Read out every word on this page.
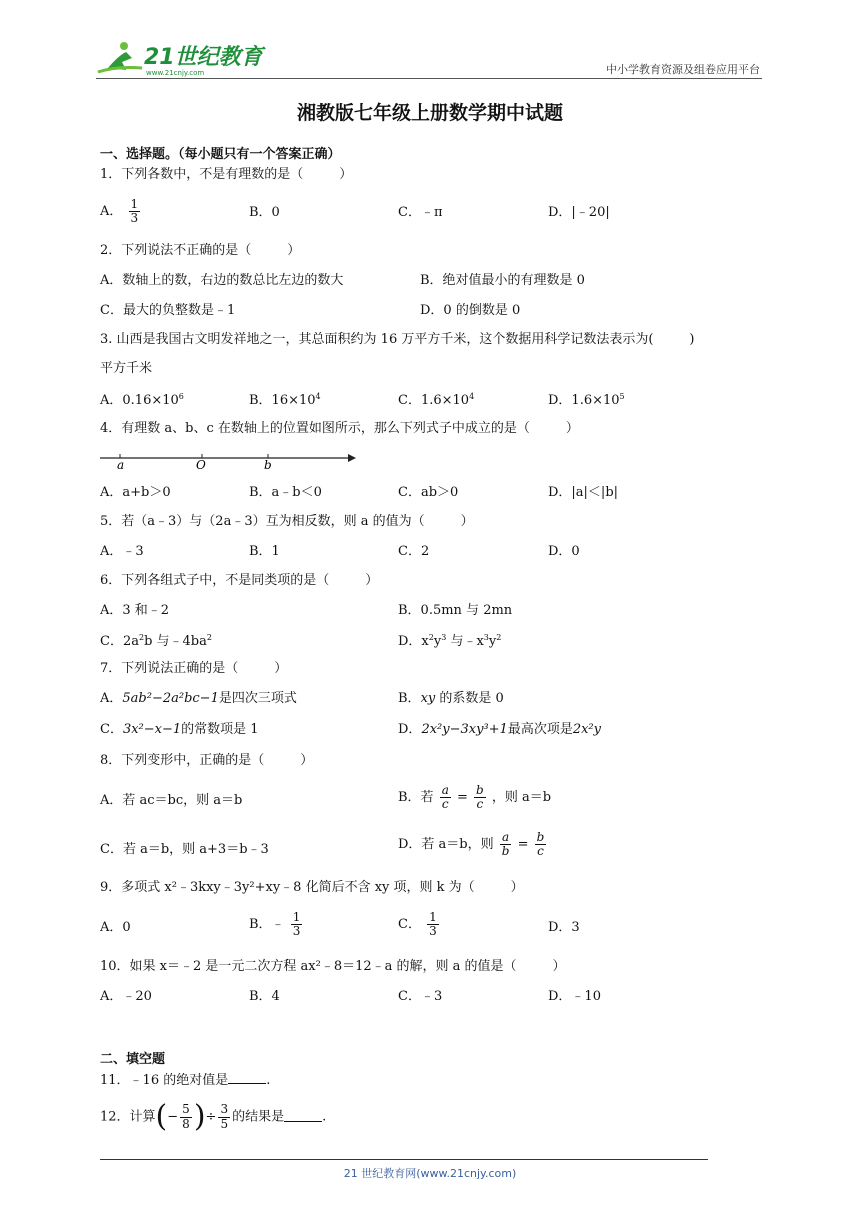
21世纪教育
www.21cnjy.com	中小学教育资源及组卷应用平台
湘教版七年级上册数学期中试题
一、选择题。（每小题只有一个答案正确）
1．下列各数中，不是有理数的是（	）
A． $\frac{1}{3}$	B．0	C．﹣π	D．|﹣20|
2．下列说法不正确的是（	）
A．数轴上的数，右边的数总比左边的数大	B．绝对值最小的有理数是 0
C．最大的负整数是﹣1	D．0 的倒数是 0
3. 山西是我国古文明发祥地之一，其总面积约为 16 万平方千米，这个数据用科学记数法表示为(	)
平方千米
A．$0.16\times 10^6$	B．$16\times 10^4$	C．$1.6\times 10^4$	D．$1.6\times 10^5$
4．有理数 a、b、c 在数轴上的位置如图所示，那么下列式子中成立的是（	）
a	O	b
A．a+b＞0	B．a﹣b＜0	C．ab＞0	D．|a|＜|b|
5．若（a﹣3）与（2a﹣3）互为相反数，则 a 的值为（	）
A．﹣3	B．1	C．2	D．0
6．下列各组式子中，不是同类项的是（	）
A．3 和﹣2	B．0.5mn 与 2mn
C．$2a^2b$ 与$﹣4ba^2$	D．$x^2y^3$ 与$﹣x^3y^2$
7．下列说法正确的是（	）
A．5ab²−2a²bc−1是四次三项式	B．xy 的系数是 0
C．3x²−x−1的常数项是 1	D．2x²y−3xy³+1最高次项是2x²y
8．下列变形中，正确的是（	）
A．若 ac＝bc，则 a＝b	B．若 $\frac{a}{c} = \frac{b}{c}$ ，则 a＝b
C．若 a＝b，则 a+3＝b﹣3	D．若 a＝b，则 $\frac{a}{b} = \frac{b}{c}$
9．多项式 x²﹣3kxy﹣3y²+xy﹣8 化简后不含 xy 项，则 k 为（	）
A．0	B．﹣ $\frac{1}{3}$	C． $\frac{1}{3}$	D．3
10．如果 x＝﹣2 是一元二次方程 ax²﹣8＝12﹣a 的解，则 a 的值是（	）
A．﹣20	B．4	C．﹣3	D．﹣10
二、填空题
11．﹣16 的绝对值是	.
12．计算(− $\frac{5}{8}$ )÷ $\frac{3}{5}$ 的结果是	.
21 世纪教育网(www.21cnjy.com)
